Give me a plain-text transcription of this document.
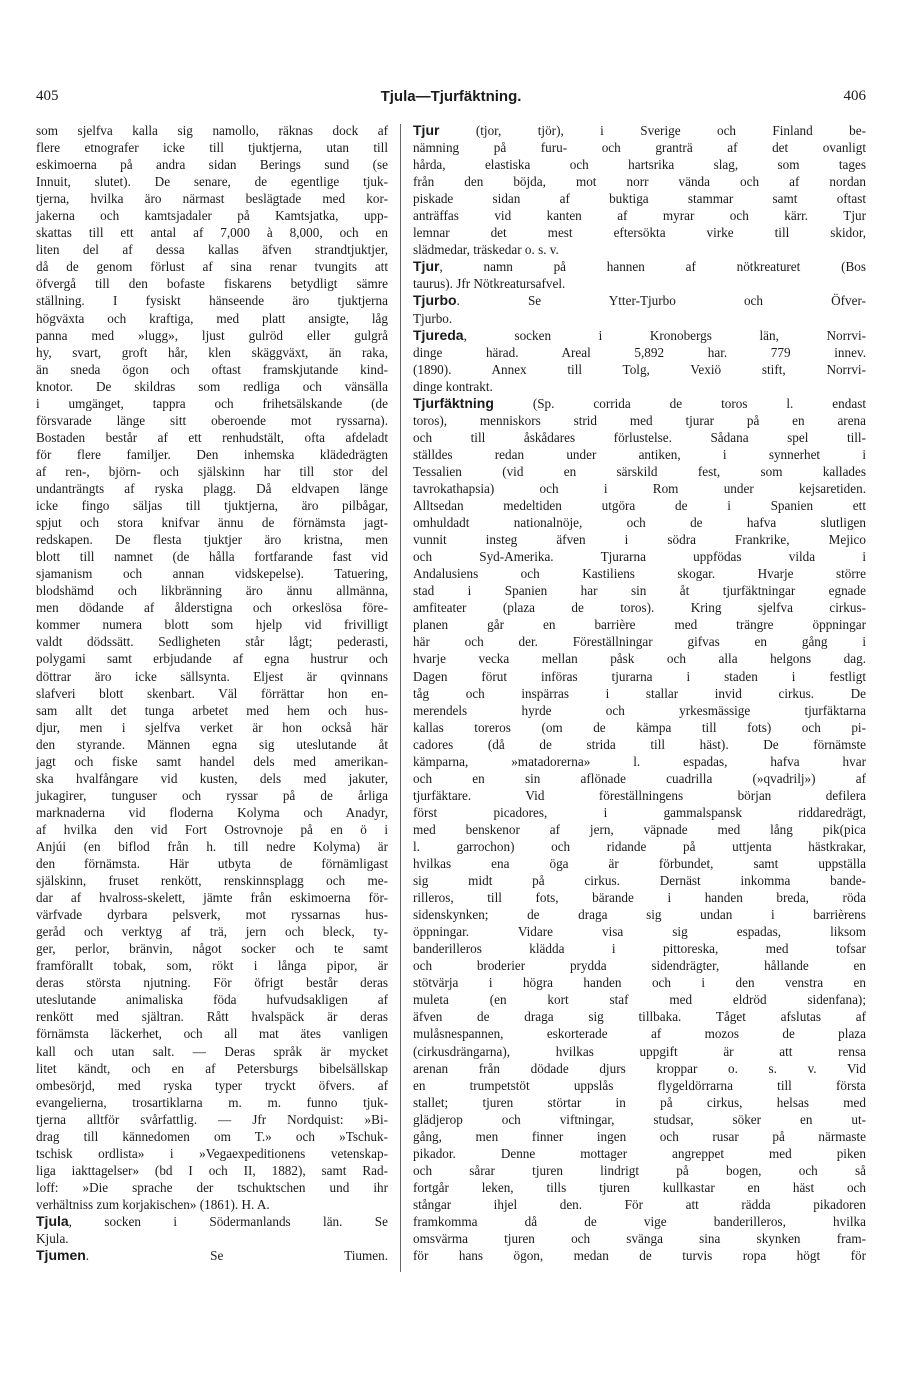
405	Tjula—Tjurfäktning.	406
som sjelfva kalla sig namollo, räknas dock af
flere etnografer icke till tjuktjerna, utan till
eskimoerna på andra sidan Berings sund (se
Innuit, slutet). De senare, de egentlige tjuk-
tjerna, hvilka äro närmast beslägtade med kor-
jakerna och kamtsjadaler på Kamtsjatka, upp-
skattas till ett antal af 7,000 à 8,000, och en
liten del af dessa kallas äfven strandtjuktjer,
då de genom förlust af sina renar tvungits att
öfvergå till den bofaste fiskarens betydligt sämre
ställning. I fysiskt hänseende äro tjuktjerna
högväxta och kraftiga, med platt ansigte, låg
panna med »lugg», ljust gulröd eller gulgrå
hy, svart, groft hår, klen skäggväxt, än raka,
än sneda ögon och oftast framskjutande kind-
knotor. De skildras som redliga och vänsälla
i umgänget, tappra och frihetsälskande (de
försvarade länge sitt oberoende mot ryssarna).
Bostaden består af ett renhudstält, ofta afdeladt
för flere familjer. Den inhemska klädedrägten
af ren-, björn- och själskinn har till stor del
undanträngts af ryska plagg. Då eldvapen länge
icke fingo säljas till tjuktjerna, äro pilbågar,
spjut och stora knifvar ännu de förnämsta jagt-
redskapen. De flesta tjuktjer äro kristna, men
blott till namnet (de hålla fortfarande fast vid
sjamanism och annan vidskepelse). Tatuering,
blodshämd och likbränning äro ännu allmänna,
men dödande af ålderstigna och orkeslösa före-
kommer numera blott som hjelp vid frivilligt
valdt dödssätt. Sedligheten står lågt; pederasti,
polygami samt erbjudande af egna hustrur och
döttrar äro icke sällsynta. Eljest är qvinnans
slafveri blott skenbart. Väl förrättar hon en-
sam allt det tunga arbetet med hem och hus-
djur, men i sjelfva verket är hon också här
den styrande. Männen egna sig uteslutande åt
jagt och fiske samt handel dels med amerikan-
ska hvalfångare vid kusten, dels med jakuter,
jukagirer, tunguser och ryssar på de årliga
marknaderna vid floderna Kolyma och Anadyr,
af hvilka den vid Fort Ostrovnoje på en ö i
Anjúi (en biflod från h. till nedre Kolyma) är
den förnämsta. Här utbyta de förnämligast
själskinn, fruset renkött, renskinnsplagg och me-
dar af hvalross-skelett, jämte från eskimoerna för-
värfvade dyrbara pelsverk, mot ryssarnas hus-
geråd och verktyg af trä, jern och bleck, ty-
ger, perlor, bränvin, något socker och te samt
framförallt tobak, som, rökt i långa pipor, är
deras största njutning. För öfrigt består deras
uteslutande animaliska föda hufvudsakligen af
renkött med själtran. Rått hvalspäck är deras
förnämsta läckerhet, och all mat ätes vanligen
kall och utan salt. — Deras språk är mycket
litet kändt, och en af Petersburgs bibelsällskap
ombesörjd, med ryska typer tryckt öfvers. af
evangelierna, trosartiklarna m. m. funno tjuk-
tjerna alltför svårfattlig. — Jfr Nordquist: »Bi-
drag till kännedomen om T.» och »Tschuk-
tschisk ordlista» i »Vegaexpeditionens vetenskap-
liga iakttagelser» (bd I och II, 1882), samt Rad-
loff: »Die sprache der tschuktschen und ihr
verhältniss zum korjakischen» (1861). H. A.
Tjula, socken i Södermanlands län. Se
Kjula.
Tjumen. Se Tiumen.
Tjur (tjor, tjör), i Sverige och Finland be-
nämning på furu- och granträ af det ovanligt
hårda, elastiska och hartsrika slag, som tages
från den böjda, mot norr vända och af nordan
piskade sidan af buktiga stammar samt oftast
anträffas vid kanten af myrar och kärr. Tjur
lemnar det mest eftersökta virke till skidor,
slädmedar, träskedar o. s. v.
Tjur, namn på hannen af nötkreaturet (Bos
taurus). Jfr Nötkreatursafvel.
Tjurbo. Se Ytter-Tjurbo och Öfver-
Tjurbo.
Tjureda, socken i Kronobergs län, Norrvi-
dinge härad. Areal 5,892 har. 779 innev.
(1890). Annex till Tolg, Vexiö stift, Norrvi-
dinge kontrakt.
Tjurfäktning (Sp. corrida de toros l. endast
toros), menniskors strid med tjurar på en arena
och till åskådares förlustelse. Sådana spel till-
ställdes redan under antiken, i synnerhet i
Tessalien (vid en särskild fest, som kallades
tavrokathapsia) och i Rom under kejsaretiden.
Alltsedan medeltiden utgöra de i Spanien ett
omhuldadt nationalnöje, och de hafva slutligen
vunnit insteg äfven i södra Frankrike, Mejico
och Syd-Amerika. Tjurarna uppfödas vilda i
Andalusiens och Kastiliens skogar. Hvarje större
stad i Spanien har sin åt tjurfäktningar egnade
amfiteater (plaza de toros). Kring sjelfva cirkus-
planen går en barrière med trängre öppningar
här och der. Föreställningar gifvas en gång i
hvarje vecka mellan påsk och alla helgons dag.
Dagen förut införas tjurarna i staden i festligt
tåg och inspärras i stallar invid cirkus. De
merendels hyrde och yrkesmässige tjurfäktarna
kallas toreros (om de kämpa till fots) och pi-
cadores (då de strida till häst). De förnämste
kämparna, »matadorerna» l. espadas, hafva hvar
och en sin aflönade cuadrilla (»qvadrilj») af
tjurfäktare. Vid föreställningens början defilera
först picadores, i gammalspansk riddaredrägt,
med benskenor af jern, väpnade med lång pik(pica
l. garrochon) och ridande på uttjenta hästkrakar,
hvilkas ena öga är förbundet, samt uppställa
sig midt på cirkus. Dernäst inkomma bande-
rilleros, till fots, bärande i handen breda, röda
sidenskynken; de draga sig undan i barrièrens
öppningar. Vidare visa sig espadas, liksom
banderilleros klädda i pittoreska, med tofsar
och broderier prydda sidendrägter, hållande en
stötvärja i högra handen och i den venstra en
muleta (en kort staf med eldröd sidenfana);
äfven de draga sig tillbaka. Tåget afslutas af
mulåsnespannen, eskorterade af mozos de plaza
(cirkusdrängarna), hvilkas uppgift är att rensa
arenan från dödade djurs kroppar o. s. v. Vid
en trumpetstöt uppslås flygeldörrarna till första
stallet; tjuren störtar in på cirkus, helsas med
glädjerop och viftningar, studsar, söker en ut-
gång, men finner ingen och rusar på närmaste
pikador. Denne mottager angreppet med piken
och sårar tjuren lindrigt på bogen, och så
fortgår leken, tills tjuren kullkastar en häst och
stångar ihjel den. För att rädda pikadoren
framkomma då de vige banderilleros, hvilka
omsvärma tjuren och svänga sina skynken fram-
för hans ögon, medan de turvis ropa högt för
